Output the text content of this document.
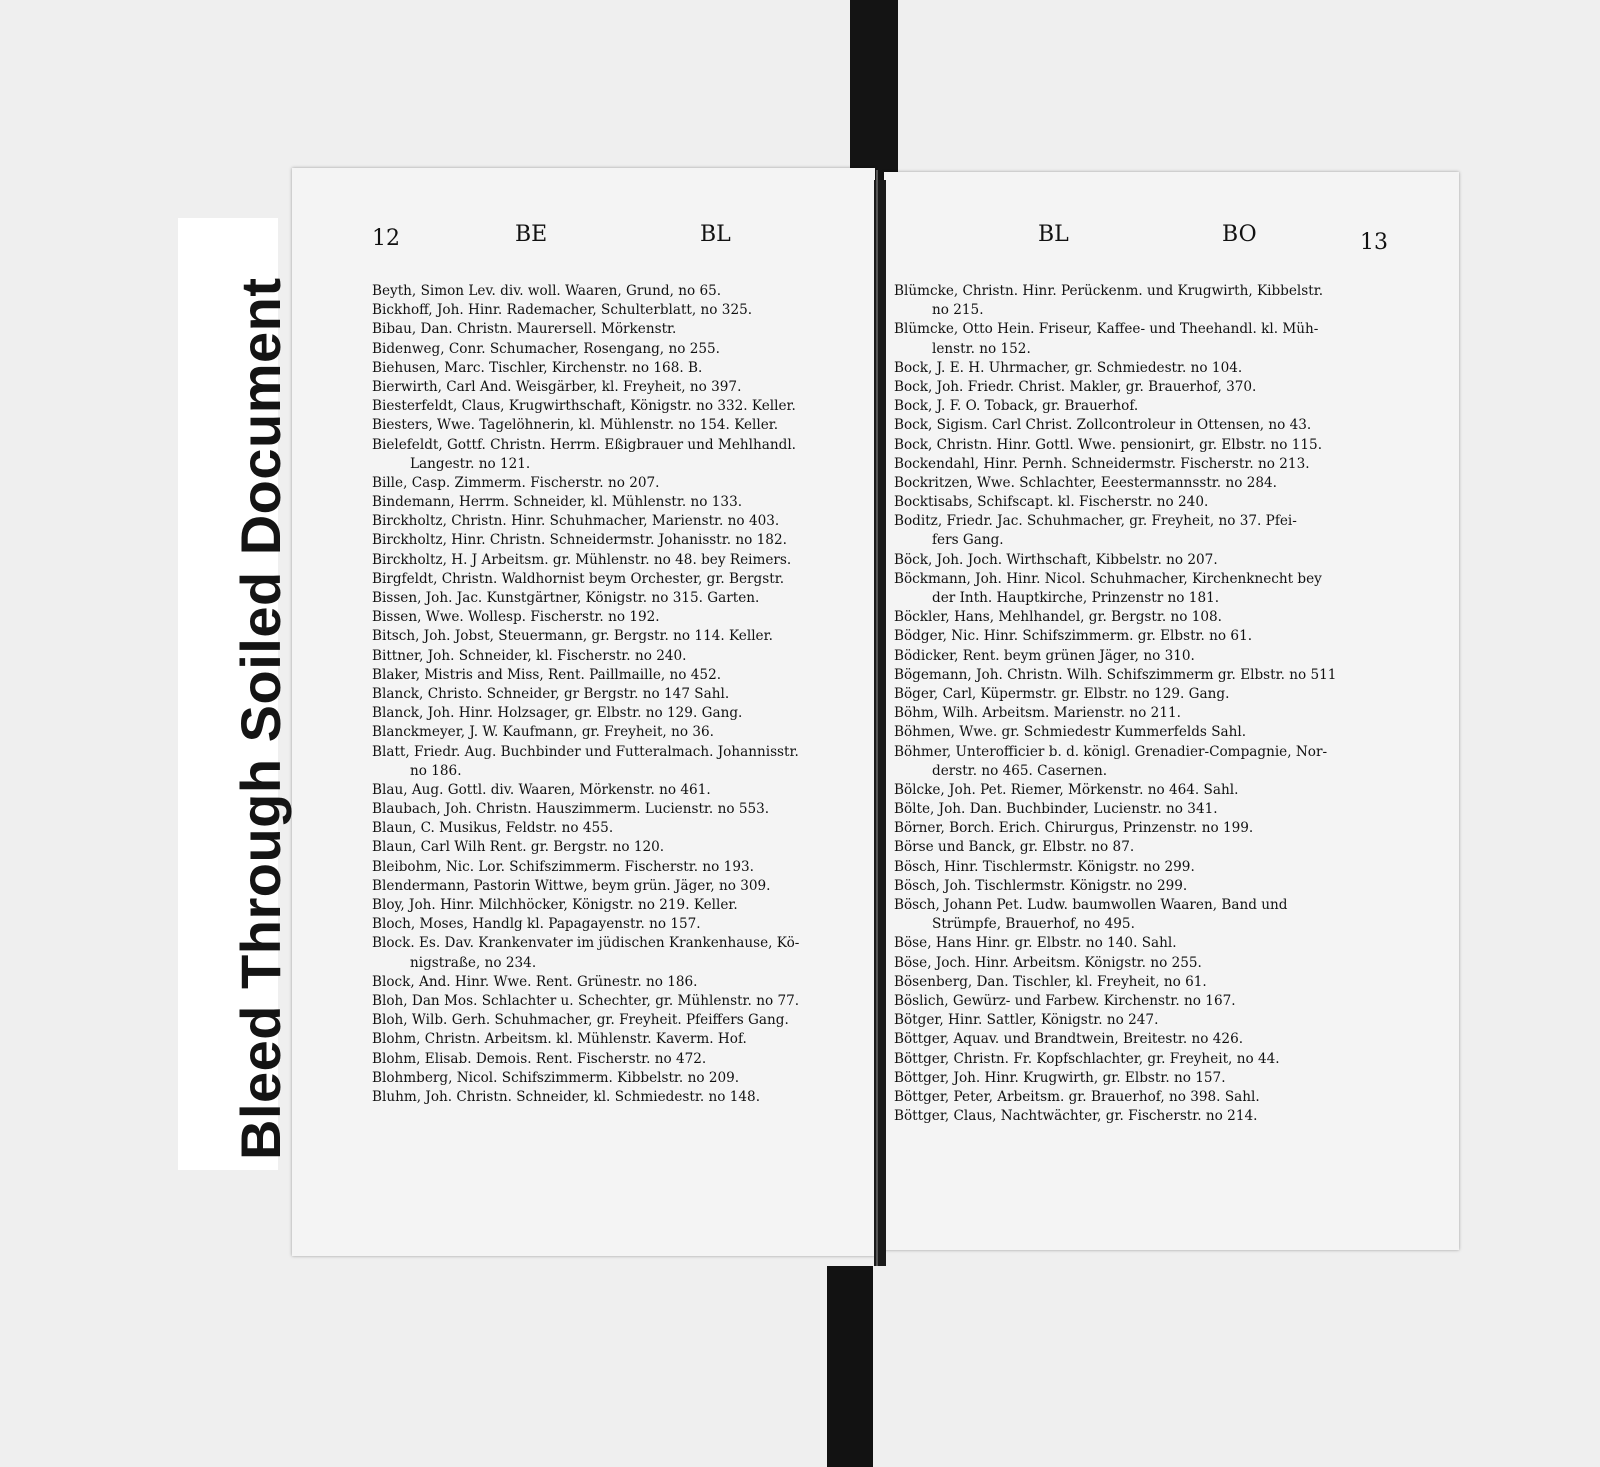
Bleed Through Soiled Document
12	BE	BL	BL	BO	13
Beyth, Simon Lev. div. woll. Waaren, Grund, no 65.
Bickhoff, Joh. Hinr. Rademacher, Schulterblatt, no 325.
Bibau, Dan. Christn. Maurersell. Mörkenstr.
Bidenweg, Conr. Schumacher, Rosengang, no 255.
Biehusen, Marc. Tischler, Kirchenstr. no 168. B.
Bierwirth, Carl And. Weisgärber, kl. Freyheit, no 397.
Biesterfeldt, Claus, Krugwirthschaft, Königstr. no 332. Keller.
Biesters, Wwe. Tagelöhnerin, kl. Mühlenstr. no 154. Keller.
Bielefeldt, Gottf. Christn. Herrm. Eßigbrauer und Mehlhandl.
Langestr. no 121.
Bille, Casp. Zimmerm. Fischerstr. no 207.
Bindemann, Herrm. Schneider, kl. Mühlenstr. no 133.
Birckholtz, Christn. Hinr. Schuhmacher, Marienstr. no 403.
Birckholtz, Hinr. Christn. Schneidermstr. Johanisstr. no 182.
Birckholtz, H. J Arbeitsm. gr. Mühlenstr. no 48. bey Reimers.
Birgfeldt, Christn. Waldhornist beym Orchester, gr. Bergstr.
Bissen, Joh. Jac. Kunstgärtner, Königstr. no 315. Garten.
Bissen, Wwe. Wollesp. Fischerstr. no 192.
Bitsch, Joh. Jobst, Steuermann, gr. Bergstr. no 114. Keller.
Bittner, Joh. Schneider, kl. Fischerstr. no 240.
Blaker, Mistris and Miss, Rent. Paillmaille, no 452.
Blanck, Christo. Schneider, gr Bergstr. no 147 Sahl.
Blanck, Joh. Hinr. Holzsager, gr. Elbstr. no 129. Gang.
Blanckmeyer, J. W. Kaufmann, gr. Freyheit, no 36.
Blatt, Friedr. Aug. Buchbinder und Futteralmach. Johannisstr.
no 186.
Blau, Aug. Gottl. div. Waaren, Mörkenstr. no 461.
Blaubach, Joh. Christn. Hauszimmerm. Lucienstr. no 553.
Blaun, C. Musikus, Feldstr. no 455.
Blaun, Carl Wilh Rent. gr. Bergstr. no 120.
Bleibohm, Nic. Lor. Schifszimmerm. Fischerstr. no 193.
Blendermann, Pastorin Wittwe, beym grün. Jäger, no 309.
Bloy, Joh. Hinr. Milchhöcker, Königstr. no 219. Keller.
Bloch, Moses, Handlg kl. Papagayenstr. no 157.
Block. Es. Dav. Krankenvater im jüdischen Krankenhause, Kö-
nigstraße, no 234.
Block, And. Hinr. Wwe. Rent. Grünestr. no 186.
Bloh, Dan Mos. Schlachter u. Schechter, gr. Mühlenstr. no 77.
Bloh, Wilb. Gerh. Schuhmacher, gr. Freyheit. Pfeiffers Gang.
Blohm, Christn. Arbeitsm. kl. Mühlenstr. Kaverm. Hof.
Blohm, Elisab. Demois. Rent. Fischerstr. no 472.
Blohmberg, Nicol. Schifszimmerm. Kibbelstr. no 209.
Bluhm, Joh. Christn. Schneider, kl. Schmiedestr. no 148.
Blümcke, Christn. Hinr. Perückenm. und Krugwirth, Kibbelstr.
no 215.
Blümcke, Otto Hein. Friseur, Kaffee- und Theehandl. kl. Müh-
lenstr. no 152.
Bock, J. E. H. Uhrmacher, gr. Schmiedestr. no 104.
Bock, Joh. Friedr. Christ. Makler, gr. Brauerhof, 370.
Bock, J. F. O. Toback, gr. Brauerhof.
Bock, Sigism. Carl Christ. Zollcontroleur in Ottensen, no 43.
Bock, Christn. Hinr. Gottl. Wwe. pensionirt, gr. Elbstr. no 115.
Bockendahl, Hinr. Pernh. Schneidermstr. Fischerstr. no 213.
Bockritzen, Wwe. Schlachter, Eeestermannsstr. no 284.
Bocktisabs, Schifscapt. kl. Fischerstr. no 240.
Boditz, Friedr. Jac. Schuhmacher, gr. Freyheit, no 37. Pfei-
fers Gang.
Böck, Joh. Joch. Wirthschaft, Kibbelstr. no 207.
Böckmann, Joh. Hinr. Nicol. Schuhmacher, Kirchenknecht bey
der Inth. Hauptkirche, Prinzenstr no 181.
Böckler, Hans, Mehlhandel, gr. Bergstr. no 108.
Bödger, Nic. Hinr. Schifszimmerm. gr. Elbstr. no 61.
Bödicker, Rent. beym grünen Jäger, no 310.
Bögemann, Joh. Christn. Wilh. Schifszimmerm gr. Elbstr. no 511
Böger, Carl, Küpermstr. gr. Elbstr. no 129. Gang.
Böhm, Wilh. Arbeitsm. Marienstr. no 211.
Böhmen, Wwe. gr. Schmiedestr Kummerfelds Sahl.
Böhmer, Unterofficier b. d. königl. Grenadier-Compagnie, Nor-
derstr. no 465. Casernen.
Bölcke, Joh. Pet. Riemer, Mörkenstr. no 464. Sahl.
Bölte, Joh. Dan. Buchbinder, Lucienstr. no 341.
Börner, Borch. Erich. Chirurgus, Prinzenstr. no 199.
Börse und Banck, gr. Elbstr. no 87.
Bösch, Hinr. Tischlermstr. Königstr. no 299.
Bösch, Joh. Tischlermstr. Königstr. no 299.
Bösch, Johann Pet. Ludw. baumwollen Waaren, Band und
Strümpfe, Brauerhof, no 495.
Böse, Hans Hinr. gr. Elbstr. no 140. Sahl.
Böse, Joch. Hinr. Arbeitsm. Königstr. no 255.
Bösenberg, Dan. Tischler, kl. Freyheit, no 61.
Böslich, Gewürz- und Farbew. Kirchenstr. no 167.
Bötger, Hinr. Sattler, Königstr. no 247.
Böttger, Aquav. und Brandtwein, Breitestr. no 426.
Böttger, Christn. Fr. Kopfschlachter, gr. Freyheit, no 44.
Böttger, Joh. Hinr. Krugwirth, gr. Elbstr. no 157.
Böttger, Peter, Arbeitsm. gr. Brauerhof, no 398. Sahl.
Böttger, Claus, Nachtwächter, gr. Fischerstr. no 214.
